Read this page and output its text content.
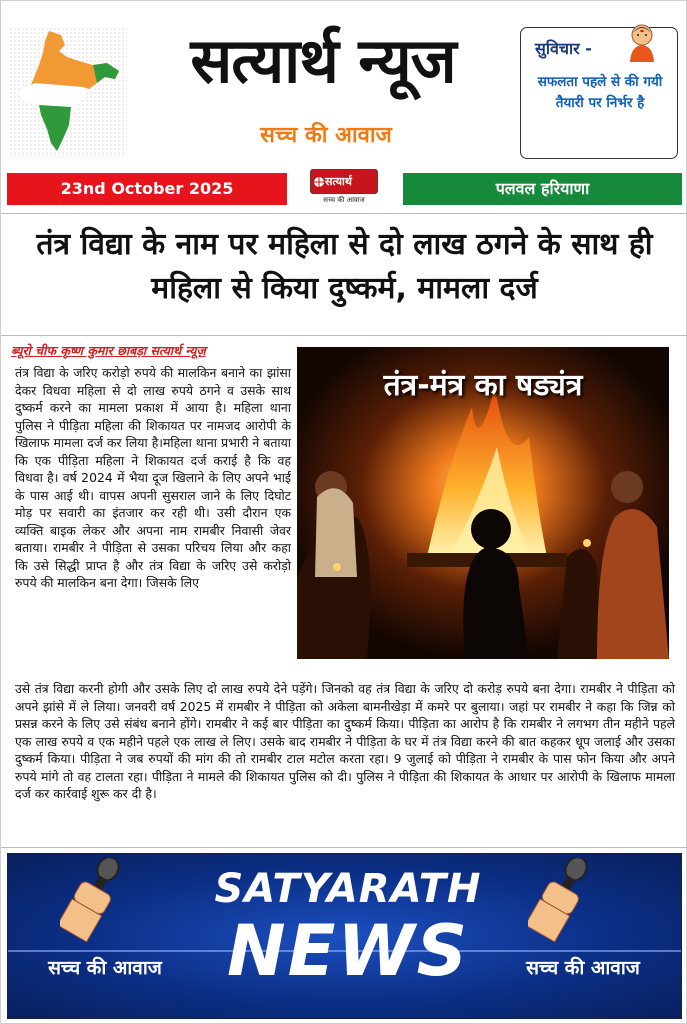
सत्यार्थ न्यूज
सच्च की आवाज
सुविचार -
सफलता पहले से की गयी तैयारी पर निर्भर है
23nd October 2025	सत्यार्थ
सच्च की आवाज
पलवल हरियाणा
तंत्र विद्या के नाम पर महिला से दो लाख ठगने के साथ ही महिला से किया दुष्कर्म, मामला दर्ज
ब्यूरो चीफ कृष्ण कुमार छाबड़ा सत्यार्थ न्यूज़
तंत्र विद्या के जरिए करोड़ो रुपये की मालकिन बनाने का झांसा देकर विधवा महिला से दो लाख रुपये ठगने व उसके साथ दुष्कर्म करने का मामला प्रकाश में आया है। महिला थाना पुलिस ने पीड़िता महिला की शिकायत पर नामजद आरोपी के खिलाफ मामला दर्ज कर लिया है।महिला थाना प्रभारी ने बताया कि एक पीड़िता महिला ने शिकायत दर्ज कराई है कि वह विधवा है। वर्ष 2024 में भैया दूज खिलाने के लिए अपने भाई के पास आई थी। वापस अपनी सुसराल जाने के लिए दिघोट मोड़ पर सवारी का इंतजार कर रही थी। उसी दौरान एक व्यक्ति बाइक लेकर और अपना नाम रामबीर निवासी जेवर बताया। रामबीर ने पीड़िता से उसका परिचय लिया और कहा कि उसे सिद्धी प्राप्त है और तंत्र विद्या के जरिए उसे करोड़ो रुपये की मालकिन बना देगा। जिसके लिए
तंत्र-मंत्र का षड्यंत्र
उसे तंत्र विद्या करनी होगी और उसके लिए दो लाख रुपये देने पड़ेंगे। जिनको वह तंत्र विद्या के जरिए दो करोड़ रुपये बना देगा। रामबीर ने पीड़िता को अपने झांसे में ले लिया। जनवरी वर्ष 2025 में रामबीर ने पीड़िता को अकेला बामनीखेड़ा में कमरे पर बुलाया। जहां पर रामबीर ने कहा कि जिन्न को प्रसन्न करने के लिए उसे संबंध बनाने होंगे। रामबीर ने कई बार पीड़िता का दुष्कर्म किया। पीड़िता का आरोप है कि रामबीर ने लगभग तीन महीने पहले एक लाख रुपये व एक महीने पहले एक लाख ले लिए। उसके बाद रामबीर ने पीड़िता के घर में तंत्र विद्या करने की बात कहकर धूप जलाई और उसका दुष्कर्म किया। पीड़िता ने जब रुपयों की मांग की तो रामबीर टाल मटोल करता रहा। 9 जुलाई को पीड़िता ने रामबीर के पास फोन किया और अपने रुपये मांगे तो वह टालता रहा। पीड़िता ने मामले की शिकायत पुलिस को दी। पुलिस ने पीड़िता की शिकायत के आधार पर आरोपी के खिलाफ मामला दर्ज कर कार्रवाई शुरू कर दी है।
SATYARATH
NEWS
सच्च की आवाज	सच्च की आवाज
